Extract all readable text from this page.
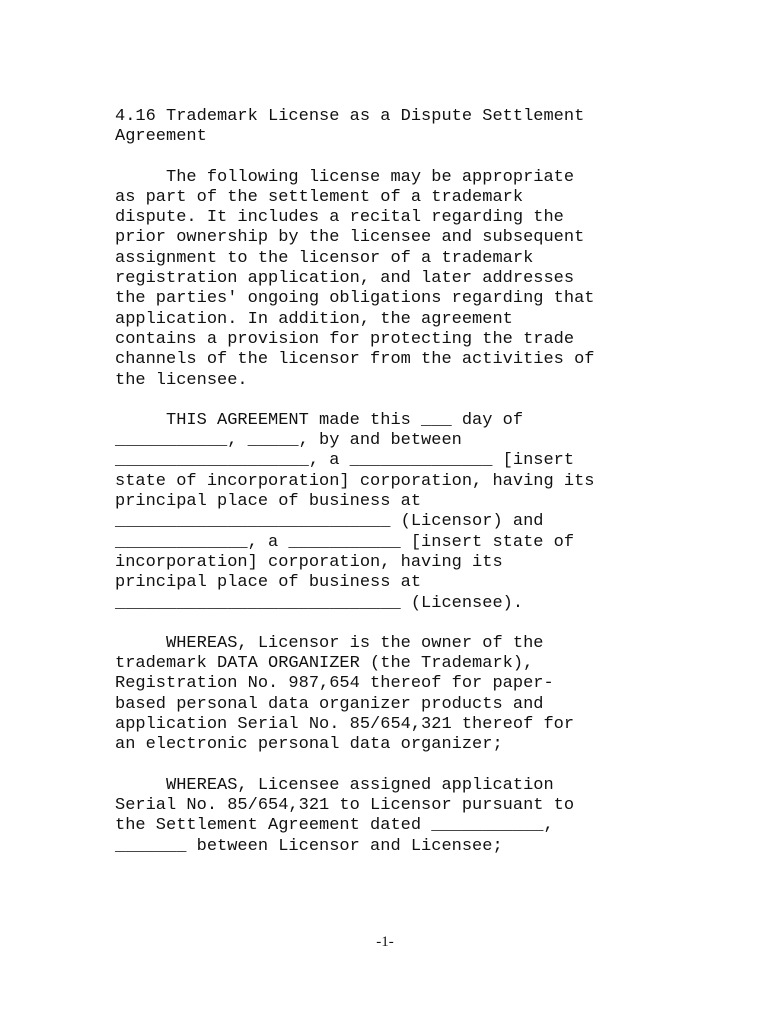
4.16 Trademark License as a Dispute Settlement
Agreement

The following license may be appropriate
as part of the settlement of a trademark
dispute. It includes a recital regarding the
prior ownership by the licensee and subsequent
assignment to the licensor of a trademark
registration application, and later addresses
the parties' ongoing obligations regarding that
application. In addition, the agreement
contains a provision for protecting the trade
channels of the licensor from the activities of
the licensee.

THIS AGREEMENT made this ___ day of
___________, _____, by and between
___________________, a ______________ [insert
state of incorporation] corporation, having its
principal place of business at
___________________________ (Licensor) and
_____________, a ___________ [insert state of
incorporation] corporation, having its
principal place of business at
____________________________ (Licensee).

WHEREAS, Licensor is the owner of the
trademark DATA ORGANIZER (the Trademark),
Registration No. 987,654 thereof for paper-
based personal data organizer products and
application Serial No. 85/654,321 thereof for
an electronic personal data organizer;

WHEREAS, Licensee assigned application
Serial No. 85/654,321 to Licensor pursuant to
the Settlement Agreement dated ___________,
_______ between Licensor and Licensee;

-1-
